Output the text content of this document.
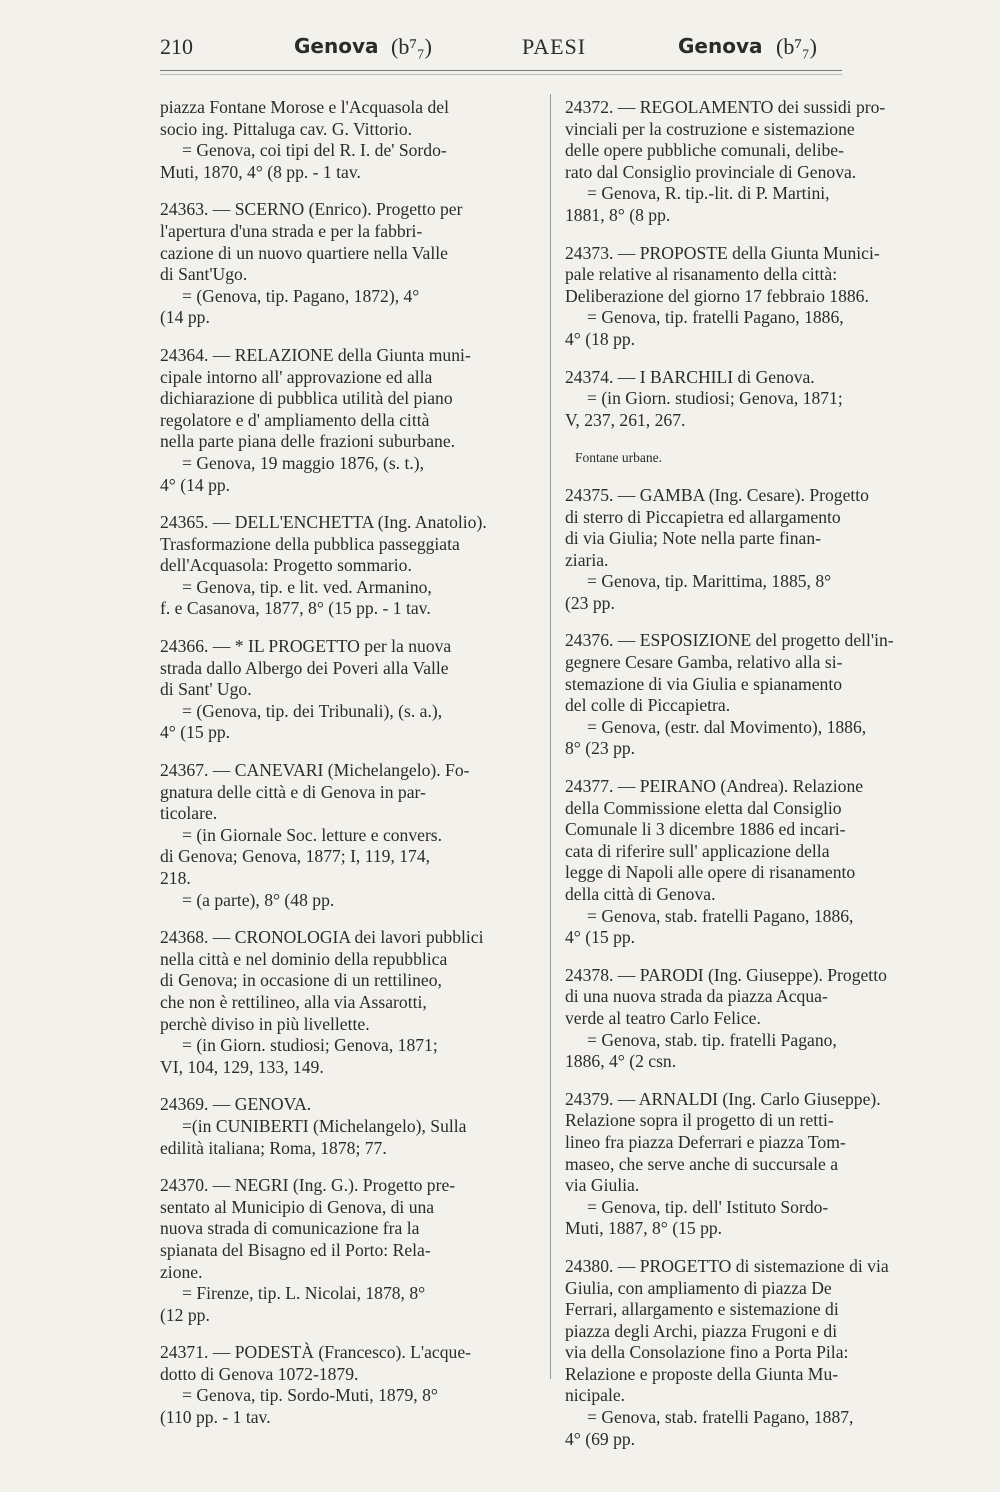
210	Genova (b⁷₇)	PAESI	Genova (b⁷₇)
piazza Fontane Morose e l'Acquasola del
socio ing. Pittaluga cav. G. Vittorio.
= Genova, coi tipi del R. I. de' Sordo-
Muti, 1870, 4° (8 pp. - 1 tav.
24363. — SCERNO (Enrico). Progetto per
l'apertura d'una strada e per la fabbri-
cazione di un nuovo quartiere nella Valle
di Sant'Ugo.
= (Genova, tip. Pagano, 1872), 4°
(14 pp.
24364. — RELAZIONE della Giunta muni-
cipale intorno all' approvazione ed alla
dichiarazione di pubblica utilità del piano
regolatore e d' ampliamento della città
nella parte piana delle frazioni suburbane.
= Genova, 19 maggio 1876, (s. t.),
4° (14 pp.
24365. — DELL'ENCHETTA (Ing. Anatolio).
Trasformazione della pubblica passeggiata
dell'Acquasola: Progetto sommario.
= Genova, tip. e lit. ved. Armanino,
f. e Casanova, 1877, 8° (15 pp. - 1 tav.
24366. — * IL PROGETTO per la nuova
strada dallo Albergo dei Poveri alla Valle
di Sant' Ugo.
= (Genova, tip. dei Tribunali), (s. a.),
4° (15 pp.
24367. — CANEVARI (Michelangelo). Fo-
gnatura delle città e di Genova in par-
ticolare.
= (in Giornale Soc. letture e convers.
di Genova; Genova, 1877; I, 119, 174,
218.
= (a parte), 8° (48 pp.
24368. — CRONOLOGIA dei lavori pubblici
nella città e nel dominio della repubblica
di Genova; in occasione di un rettilineo,
che non è rettilineo, alla via Assarotti,
perchè diviso in più livellette.
= (in Giorn. studiosi; Genova, 1871;
VI, 104, 129, 133, 149.
24369. — GENOVA.
=(in CUNIBERTI (Michelangelo), Sulla
edilità italiana; Roma, 1878; 77.
24370. — NEGRI (Ing. G.). Progetto pre-
sentato al Municipio di Genova, di una
nuova strada di comunicazione fra la
spianata del Bisagno ed il Porto: Rela-
zione.
= Firenze, tip. L. Nicolai, 1878, 8°
(12 pp.
24371. — PODESTÀ (Francesco). L'acque-
dotto di Genova 1072-1879.
= Genova, tip. Sordo-Muti, 1879, 8°
(110 pp. - 1 tav.
24372. — REGOLAMENTO dei sussidi pro-
vinciali per la costruzione e sistemazione
delle opere pubbliche comunali, delibe-
rato dal Consiglio provinciale di Genova.
= Genova, R. tip.-lit. di P. Martini,
1881, 8° (8 pp.
24373. — PROPOSTE della Giunta Munici-
pale relative al risanamento della città:
Deliberazione del giorno 17 febbraio 1886.
= Genova, tip. fratelli Pagano, 1886,
4° (18 pp.
24374. — I BARCHILI di Genova.
= (in Giorn. studiosi; Genova, 1871;
V, 237, 261, 267.
Fontane urbane.
24375. — GAMBA (Ing. Cesare). Progetto
di sterro di Piccapietra ed allargamento
di via Giulia; Note nella parte finan-
ziaria.
= Genova, tip. Marittima, 1885, 8°
(23 pp.
24376. — ESPOSIZIONE del progetto dell'in-
gegnere Cesare Gamba, relativo alla si-
stemazione di via Giulia e spianamento
del colle di Piccapietra.
= Genova, (estr. dal Movimento), 1886,
8° (23 pp.
24377. — PEIRANO (Andrea). Relazione
della Commissione eletta dal Consiglio
Comunale li 3 dicembre 1886 ed incari-
cata di riferire sull' applicazione della
legge di Napoli alle opere di risanamento
della città di Genova.
= Genova, stab. fratelli Pagano, 1886,
4° (15 pp.
24378. — PARODI (Ing. Giuseppe). Progetto
di una nuova strada da piazza Acqua-
verde al teatro Carlo Felice.
= Genova, stab. tip. fratelli Pagano,
1886, 4° (2 csn.
24379. — ARNALDI (Ing. Carlo Giuseppe).
Relazione sopra il progetto di un retti-
lineo fra piazza Deferrari e piazza Tom-
maseo, che serve anche di succursale a
via Giulia.
= Genova, tip. dell' Istituto Sordo-
Muti, 1887, 8° (15 pp.
24380. — PROGETTO di sistemazione di via
Giulia, con ampliamento di piazza De
Ferrari, allargamento e sistemazione di
piazza degli Archi, piazza Frugoni e di
via della Consolazione fino a Porta Pila:
Relazione e proposte della Giunta Mu-
nicipale.
= Genova, stab. fratelli Pagano, 1887,
4° (69 pp.
